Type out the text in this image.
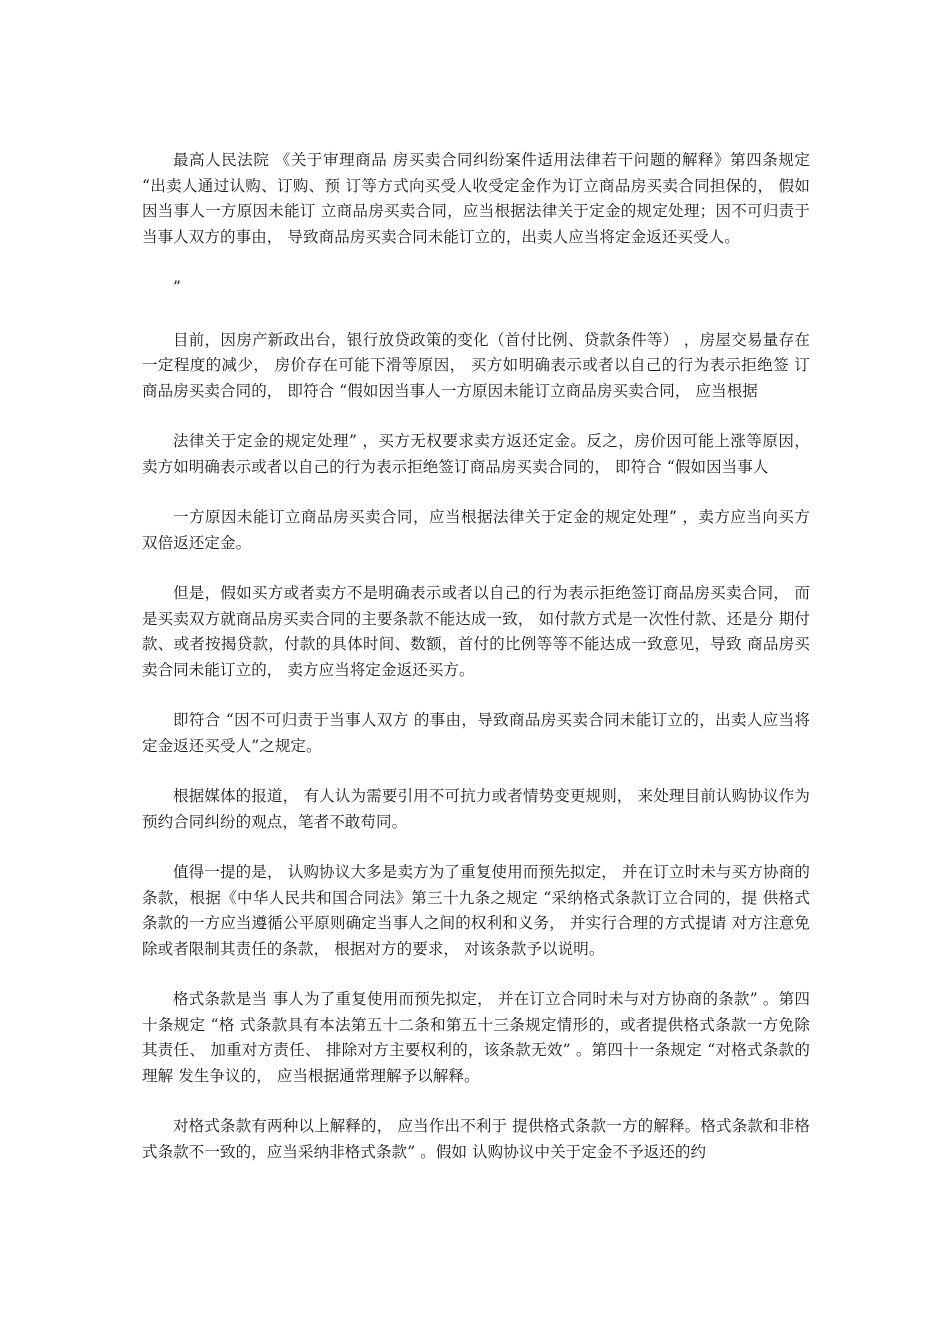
最高人民法院 《关于审理商品 房买卖合同纠纷案件适用法律若干问题的解释》第四条规定 “出卖人通过认购、订购、预 订等方式向买受人收受定金作为订立商品房买卖合同担保的， 假如因当事人一方原因未能订 立商品房买卖合同，应当根据法律关于定金的规定处理；因不可归责于当事人双方的事由， 导致商品房买卖合同未能订立的，出卖人应当将定金返还买受人。

”

目前，因房产新政出台，银行放贷政策的变化（首付比例、贷款条件等） ，房屋交易量存在 一定程度的减少， 房价存在可能下滑等原因， 买方如明确表示或者以自己的行为表示拒绝签 订商品房买卖合同的， 即符合 “假如因当事人一方原因未能订立商品房买卖合同， 应当根据

法律关于定金的规定处理” ，买方无权要求卖方返还定金。反之，房价因可能上涨等原因， 卖方如明确表示或者以自己的行为表示拒绝签订商品房买卖合同的， 即符合 “假如因当事人

一方原因未能订立商品房买卖合同，应当根据法律关于定金的规定处理” ，卖方应当向买方 双倍返还定金。

但是，假如买方或者卖方不是明确表示或者以自己的行为表示拒绝签订商品房买卖合同， 而 是买卖双方就商品房买卖合同的主要条款不能达成一致， 如付款方式是一次性付款、还是分 期付款、或者按揭贷款，付款的具体时间、数额，首付的比例等等不能达成一致意见，导致 商品房买卖合同未能订立的， 卖方应当将定金返还买方。

即符合 “因不可归责于当事人双方 的事由，导致商品房买卖合同未能订立的，出卖人应当将定金返还买受人”之规定。

根据媒体的报道， 有人认为需要引用不可抗力或者情势变更规则， 来处理目前认购协议作为 预约合同纠纷的观点，笔者不敢苟同。

值得一提的是， 认购协议大多是卖方为了重复使用而预先拟定， 并在订立时未与买方协商的 条款，根据《中华人民共和国合同法》第三十九条之规定 “采纳格式条款订立合同的，提 供格式条款的一方应当遵循公平原则确定当事人之间的权利和义务， 并实行合理的方式提请 对方注意免除或者限制其责任的条款， 根据对方的要求， 对该条款予以说明。

格式条款是当 事人为了重复使用而预先拟定， 并在订立合同时未与对方协商的条款” 。第四十条规定 “格 式条款具有本法第五十二条和第五十三条规定情形的，或者提供格式条款一方免除其责任、 加重对方责任、 排除对方主要权利的，该条款无效” 。第四十一条规定 “对格式条款的理解 发生争议的， 应当根据通常理解予以解释。

对格式条款有两种以上解释的， 应当作出不利于 提供格式条款一方的解释。格式条款和非格式条款不一致的，应当采纳非格式条款” 。假如 认购协议中关于定金不予返还的约
